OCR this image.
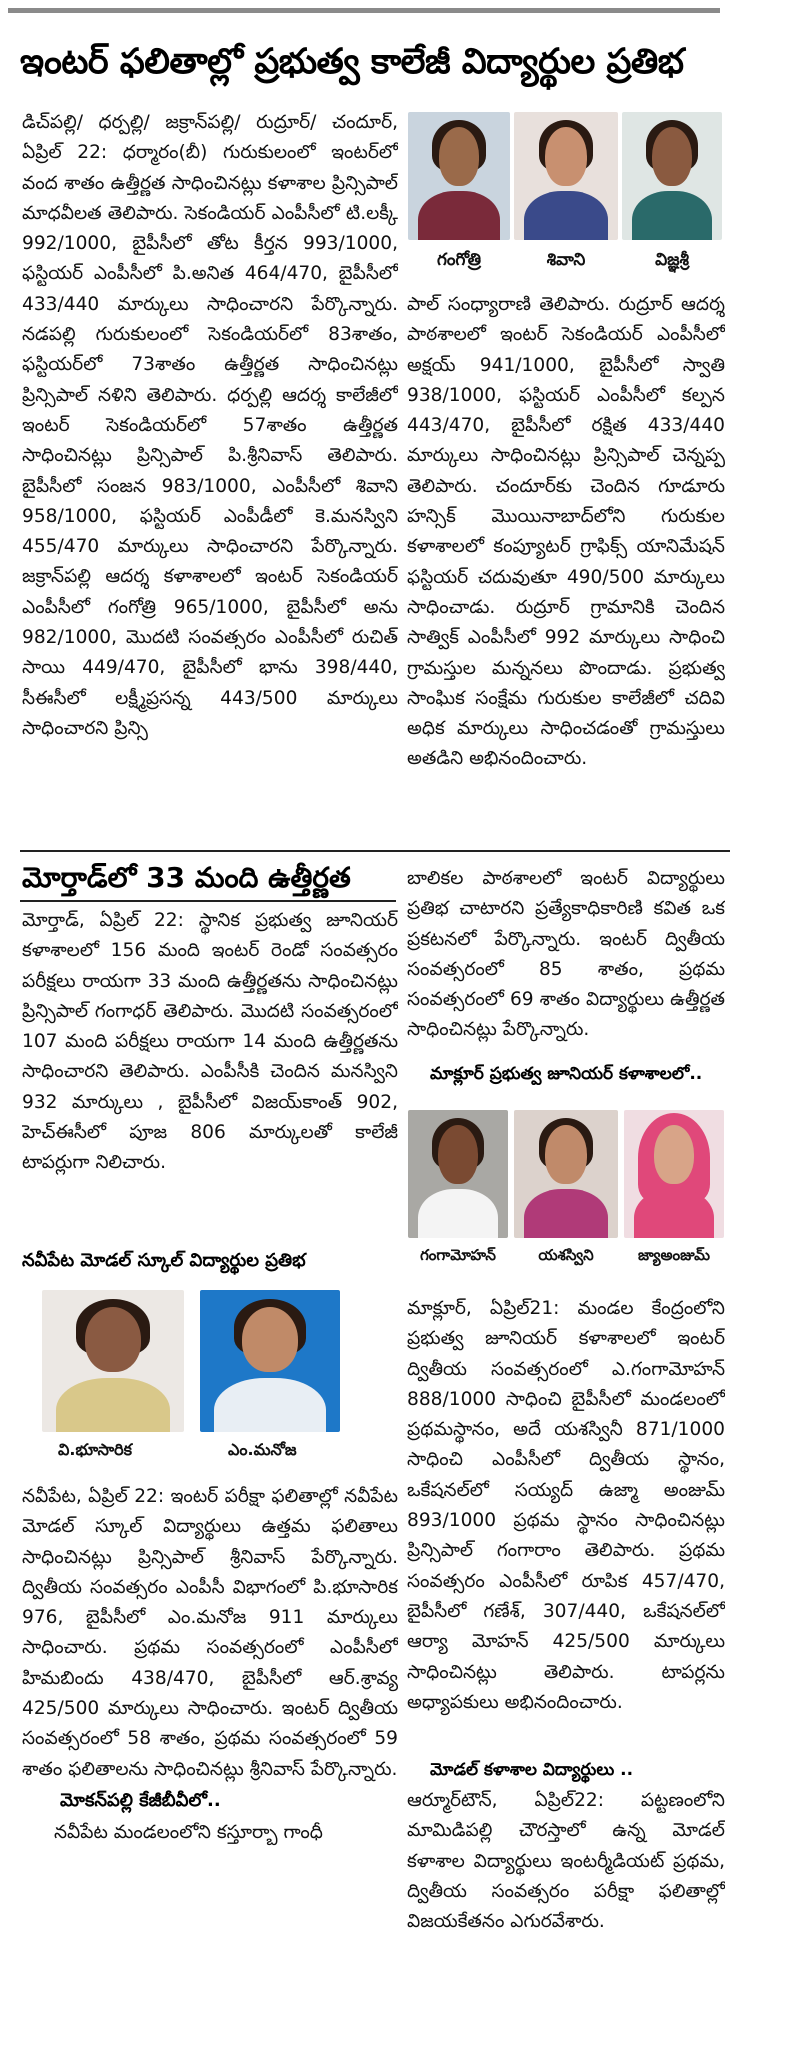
ఇంటర్ ఫలితాల్లో ప్రభుత్వ కాలేజీ విద్యార్థుల ప్రతిభ

డిచ్‌పల్లి/ ధర్పల్లి/ జక్రాన్‌పల్లి/ రుద్రూర్/ చందూర్, ఏప్రిల్ 22: ధర్మారం(బీ) గురుకులంలో ఇంటర్‌లో వంద శాతం ఉత్తీర్ణత సాధించినట్లు కళాశాల ప్రిన్సిపాల్ మాధవీలత తెలిపారు. సెకండియర్ ఎంపీసీలో టి.లక్కీ 992/1000, బైపీసీలో తోట కీర్తన 993/1000, ఫస్టియర్ ఎంపీసీలో పి.అనిత 464/470, బైపీసీలో 433/440 మార్కులు సాధించారని పేర్కొన్నారు. నడపల్లి గురుకులంలో సెకండియర్‌లో 83శాతం, ఫస్టియర్‌లో 73శాతం ఉత్తీర్ణత సాధించినట్లు ప్రిన్సిపాల్ నళిని తెలిపారు. ధర్పల్లి ఆదర్శ కాలేజీలో ఇంటర్ సెకండియర్‌లో 57శాతం ఉత్తీర్ణత సాధించినట్లు ప్రిన్సిపాల్ పి.శ్రీనివాస్ తెలిపారు. బైపీసీలో సంజన 983/1000, ఎంపీసీలో శివాని 958/1000, ఫస్టియర్ ఎంపీడీలో కె.మనస్విని 455/470 మార్కులు సాధించారని పేర్కొన్నారు. జక్రాన్‌పల్లి ఆదర్శ కళాశాలలో ఇంటర్ సెకండియర్ ఎంపీసీలో గంగోత్రి 965/1000, బైపీసీలో అను 982/1000, మొదటి సంవత్సరం ఎంపీసీలో రుచిత్ సాయి 449/470, బైపీసీలో భాను 398/440, సీఈసీలో లక్ష్మీప్రసన్న 443/500 మార్కులు సాధించారని ప్రిన్సి

గంగోత్రి	శివాని	విజ్ఞశ్రీ

పాల్ సంధ్యారాణి తెలిపారు. రుద్రూర్ ఆదర్శ పాఠశాలలో ఇంటర్ సెకండియర్ ఎంపీసీలో అక్షయ్ 941/1000, బైపీసీలో స్వాతి 938/1000, ఫస్టియర్ ఎంపీసీలో కల్పన 443/470, బైపీసీలో రక్షిత 433/440 మార్కులు సాధించినట్లు ప్రిన్సిపాల్ చెన్నప్ప తెలిపారు. చందూర్‌కు చెందిన గూడూరు హన్సిక్ మొయినాబాద్‌లోని గురుకుల కళాశాలలో కంప్యూటర్ గ్రాఫిక్స్ యానిమేషన్ ఫస్టియర్ చదువుతూ 490/500 మార్కులు సాధించాడు. రుద్రూర్ గ్రామానికి చెందిన సాత్విక్ ఎంపీసీలో 992 మార్కులు సాధించి గ్రామస్తుల మన్ననలు పొందాడు. ప్రభుత్వ సాంఘిక సంక్షేమ గురుకుల కాలేజీలో చదివి అధిక మార్కులు సాధించడంతో గ్రామస్తులు అతడిని అభినందించారు.

మోర్తాడ్‌లో 33 మంది ఉత్తీర్ణత

మోర్తాడ్, ఏప్రిల్ 22: స్థానిక ప్రభుత్వ జూనియర్ కళాశాలలో 156 మంది ఇంటర్ రెండో సంవత్సరం పరీక్షలు రాయగా 33 మంది ఉత్తీర్ణతను సాధించినట్లు ప్రిన్సిపాల్ గంగాధర్ తెలిపారు. మొదటి సంవత్సరంలో 107 మంది పరీక్షలు రాయగా 14 మంది ఉత్తీర్ణతను సాధించారని తెలిపారు. ఎంపీసీకి చెందిన మనస్విని 932 మార్కులు , బైపీసీలో విజయ్‌కాంత్ 902, హెచ్ఈసీలో పూజ 806 మార్కులతో కాలేజీ టాపర్లుగా నిలిచారు.

నవీపేట మోడల్ స్కూల్ విద్యార్థుల ప్రతిభ
వి.భూసారిక	ఎం.మనోజ

నవీపేట, ఏప్రిల్ 22: ఇంటర్ పరీక్షా ఫలితాల్లో నవీపేట మోడల్ స్కూల్ విద్యార్థులు ఉత్తమ ఫలితాలు సాధించినట్లు ప్రిన్సిపాల్ శ్రీనివాస్ పేర్కొన్నారు. ద్వితీయ సంవత్సరం ఎంపీసీ విభాగంలో పి.భూసారిక 976, బైపీసీలో ఎం.మనోజ 911 మార్కులు సాధించారు. ప్రథమ సంవత్సరంలో ఎంపీసీలో హిమబిందు 438/470, బైపీసీలో ఆర్.శ్రావ్య 425/500 మార్కులు సాధించారు. ఇంటర్ ద్వితీయ సంవత్సరంలో 58 శాతం, ప్రథమ సంవత్సరంలో 59 శాతం ఫలితాలను సాధించినట్లు శ్రీనివాస్ పేర్కొన్నారు.

మోకన్‌పల్లి కేజీబీవీలో..

నవీపేట మండలంలోని కస్తూర్బా గాంధీ

బాలికల పాఠశాలలో ఇంటర్ విద్యార్థులు ప్రతిభ చాటారని ప్రత్యేకాధికారిణి కవిత ఒక ప్రకటనలో పేర్కొన్నారు. ఇంటర్ ద్వితీయ సంవత్సరంలో 85 శాతం, ప్రథమ సంవత్సరంలో 69 శాతం విద్యార్థులు ఉత్తీర్ణత సాధించినట్లు పేర్కొన్నారు.

మాక్లూర్ ప్రభుత్వ జూనియర్ కళాశాలలో..
గంగామోహన్	యశస్విని	జ్యాఅంజుమ్

మాక్లూర్, ఏప్రిల్21: మండల కేంద్రంలోని ప్రభుత్వ జూనియర్ కళాశాలలో ఇంటర్ ద్వితీయ సంవత్సరంలో ఎ.గంగామోహన్ 888/1000 సాధించి బైపీసీలో మండలంలో ప్రథమస్థానం, అదే యశస్వినీ 871/1000 సాధించి ఎంపీసీలో ద్వితీయ స్థానం, ఒకేషనల్‌లో సయ్యద్ ఉజ్మా అంజుమ్ 893/1000 ప్రథమ స్థానం సాధించినట్లు ప్రిన్సిపాల్ గంగారాం తెలిపారు. ప్రథమ సంవత్సరం ఎంపీసీలో రూపిక 457/470, బైపీసీలో గణేశ్, 307/440, ఒకేషనల్‌లో ఆర్యా మోహన్ 425/500 మార్కులు సాధించినట్లు తెలిపారు. టాపర్లను అధ్యాపకులు అభినందించారు.

మోడల్ కళాశాల విద్యార్థులు ..

ఆర్మూర్‌టౌన్, ఏప్రిల్22: పట్టణంలోని మామిడిపల్లి చౌరస్తాలో ఉన్న మోడల్ కళాశాల విద్యార్థులు ఇంటర్మీడియట్ ప్రథమ, ద్వితీయ సంవత్సరం పరీక్షా ఫలితాల్లో విజయకేతనం ఎగురవేశారు.
